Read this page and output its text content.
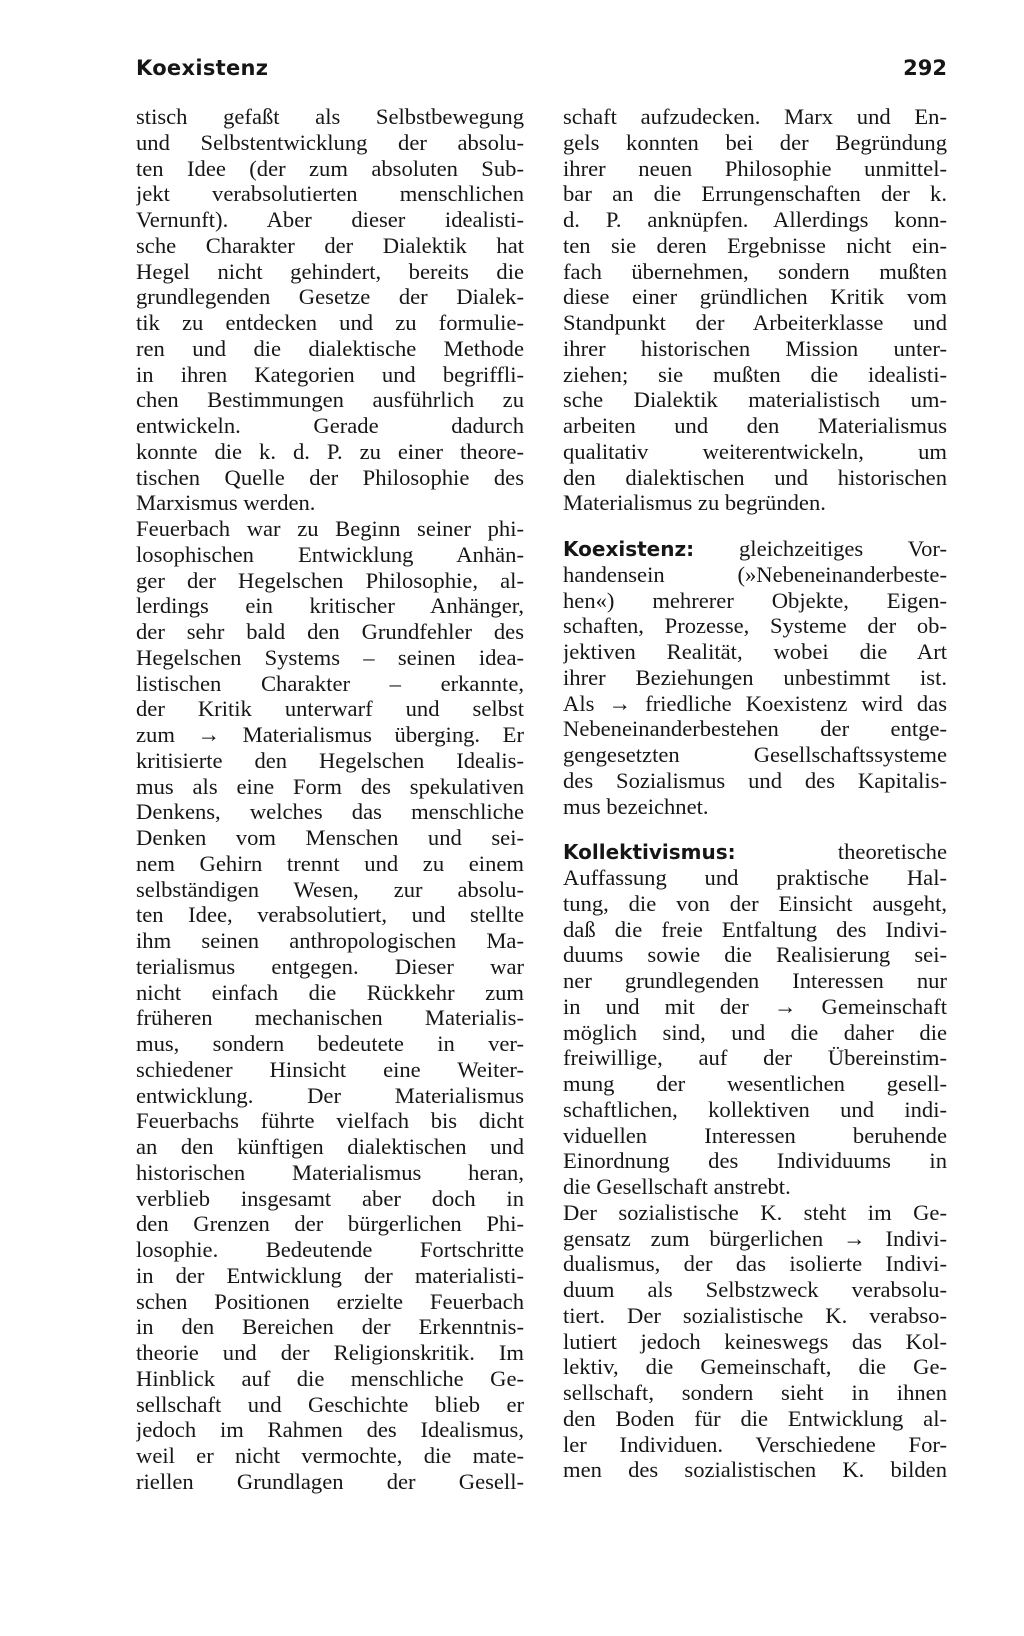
Koexistenz	292
stisch gefaßt als Selbstbewegung
und Selbstentwicklung der absolu-
ten Idee (der zum absoluten Sub-
jekt verabsolutierten menschlichen
Vernunft). Aber dieser idealisti-
sche Charakter der Dialektik hat
Hegel nicht gehindert, bereits die
grundlegenden Gesetze der Dialek-
tik zu entdecken und zu formulie-
ren und die dialektische Methode
in ihren Kategorien und begriffli-
chen Bestimmungen ausführlich zu
entwickeln. Gerade dadurch
konnte die k. d. P. zu einer theore-
tischen Quelle der Philosophie des
Marxismus werden.
Feuerbach war zu Beginn seiner phi-
losophischen Entwicklung Anhän-
ger der Hegelschen Philosophie, al-
lerdings ein kritischer Anhänger,
der sehr bald den Grundfehler des
Hegelschen Systems – seinen idea-
listischen Charakter – erkannte,
der Kritik unterwarf und selbst
zum → Materialismus überging. Er
kritisierte den Hegelschen Idealis-
mus als eine Form des spekulativen
Denkens, welches das menschliche
Denken vom Menschen und sei-
nem Gehirn trennt und zu einem
selbständigen Wesen, zur absolu-
ten Idee, verabsolutiert, und stellte
ihm seinen anthropologischen Ma-
terialismus entgegen. Dieser war
nicht einfach die Rückkehr zum
früheren mechanischen Materialis-
mus, sondern bedeutete in ver-
schiedener Hinsicht eine Weiter-
entwicklung. Der Materialismus
Feuerbachs führte vielfach bis dicht
an den künftigen dialektischen und
historischen Materialismus heran,
verblieb insgesamt aber doch in
den Grenzen der bürgerlichen Phi-
losophie. Bedeutende Fortschritte
in der Entwicklung der materialisti-
schen Positionen erzielte Feuerbach
in den Bereichen der Erkenntnis-
theorie und der Religionskritik. Im
Hinblick auf die menschliche Ge-
sellschaft und Geschichte blieb er
jedoch im Rahmen des Idealismus,
weil er nicht vermochte, die mate-
riellen Grundlagen der Gesell-
schaft aufzudecken. Marx und En-
gels konnten bei der Begründung
ihrer neuen Philosophie unmittel-
bar an die Errungenschaften der k.
d. P. anknüpfen. Allerdings konn-
ten sie deren Ergebnisse nicht ein-
fach übernehmen, sondern mußten
diese einer gründlichen Kritik vom
Standpunkt der Arbeiterklasse und
ihrer historischen Mission unter-
ziehen; sie mußten die idealisti-
sche Dialektik materialistisch um-
arbeiten und den Materialismus
qualitativ weiterentwickeln, um
den dialektischen und historischen
Materialismus zu begründen.
Koexistenz: gleichzeitiges Vor-
handensein (»Nebeneinanderbeste-
hen«) mehrerer Objekte, Eigen-
schaften, Prozesse, Systeme der ob-
jektiven Realität, wobei die Art
ihrer Beziehungen unbestimmt ist.
Als → friedliche Koexistenz wird das
Nebeneinanderbestehen der entge-
gengesetzten Gesellschaftssysteme
des Sozialismus und des Kapitalis-
mus bezeichnet.
Kollektivismus: theoretische
Auffassung und praktische Hal-
tung, die von der Einsicht ausgeht,
daß die freie Entfaltung des Indivi-
duums sowie die Realisierung sei-
ner grundlegenden Interessen nur
in und mit der → Gemeinschaft
möglich sind, und die daher die
freiwillige, auf der Übereinstim-
mung der wesentlichen gesell-
schaftlichen, kollektiven und indi-
viduellen Interessen beruhende
Einordnung des Individuums in
die Gesellschaft anstrebt.
Der sozialistische K. steht im Ge-
gensatz zum bürgerlichen → Indivi-
dualismus, der das isolierte Indivi-
duum als Selbstzweck verabsolu-
tiert. Der sozialistische K. verabso-
lutiert jedoch keineswegs das Kol-
lektiv, die Gemeinschaft, die Ge-
sellschaft, sondern sieht in ihnen
den Boden für die Entwicklung al-
ler Individuen. Verschiedene For-
men des sozialistischen K. bilden
